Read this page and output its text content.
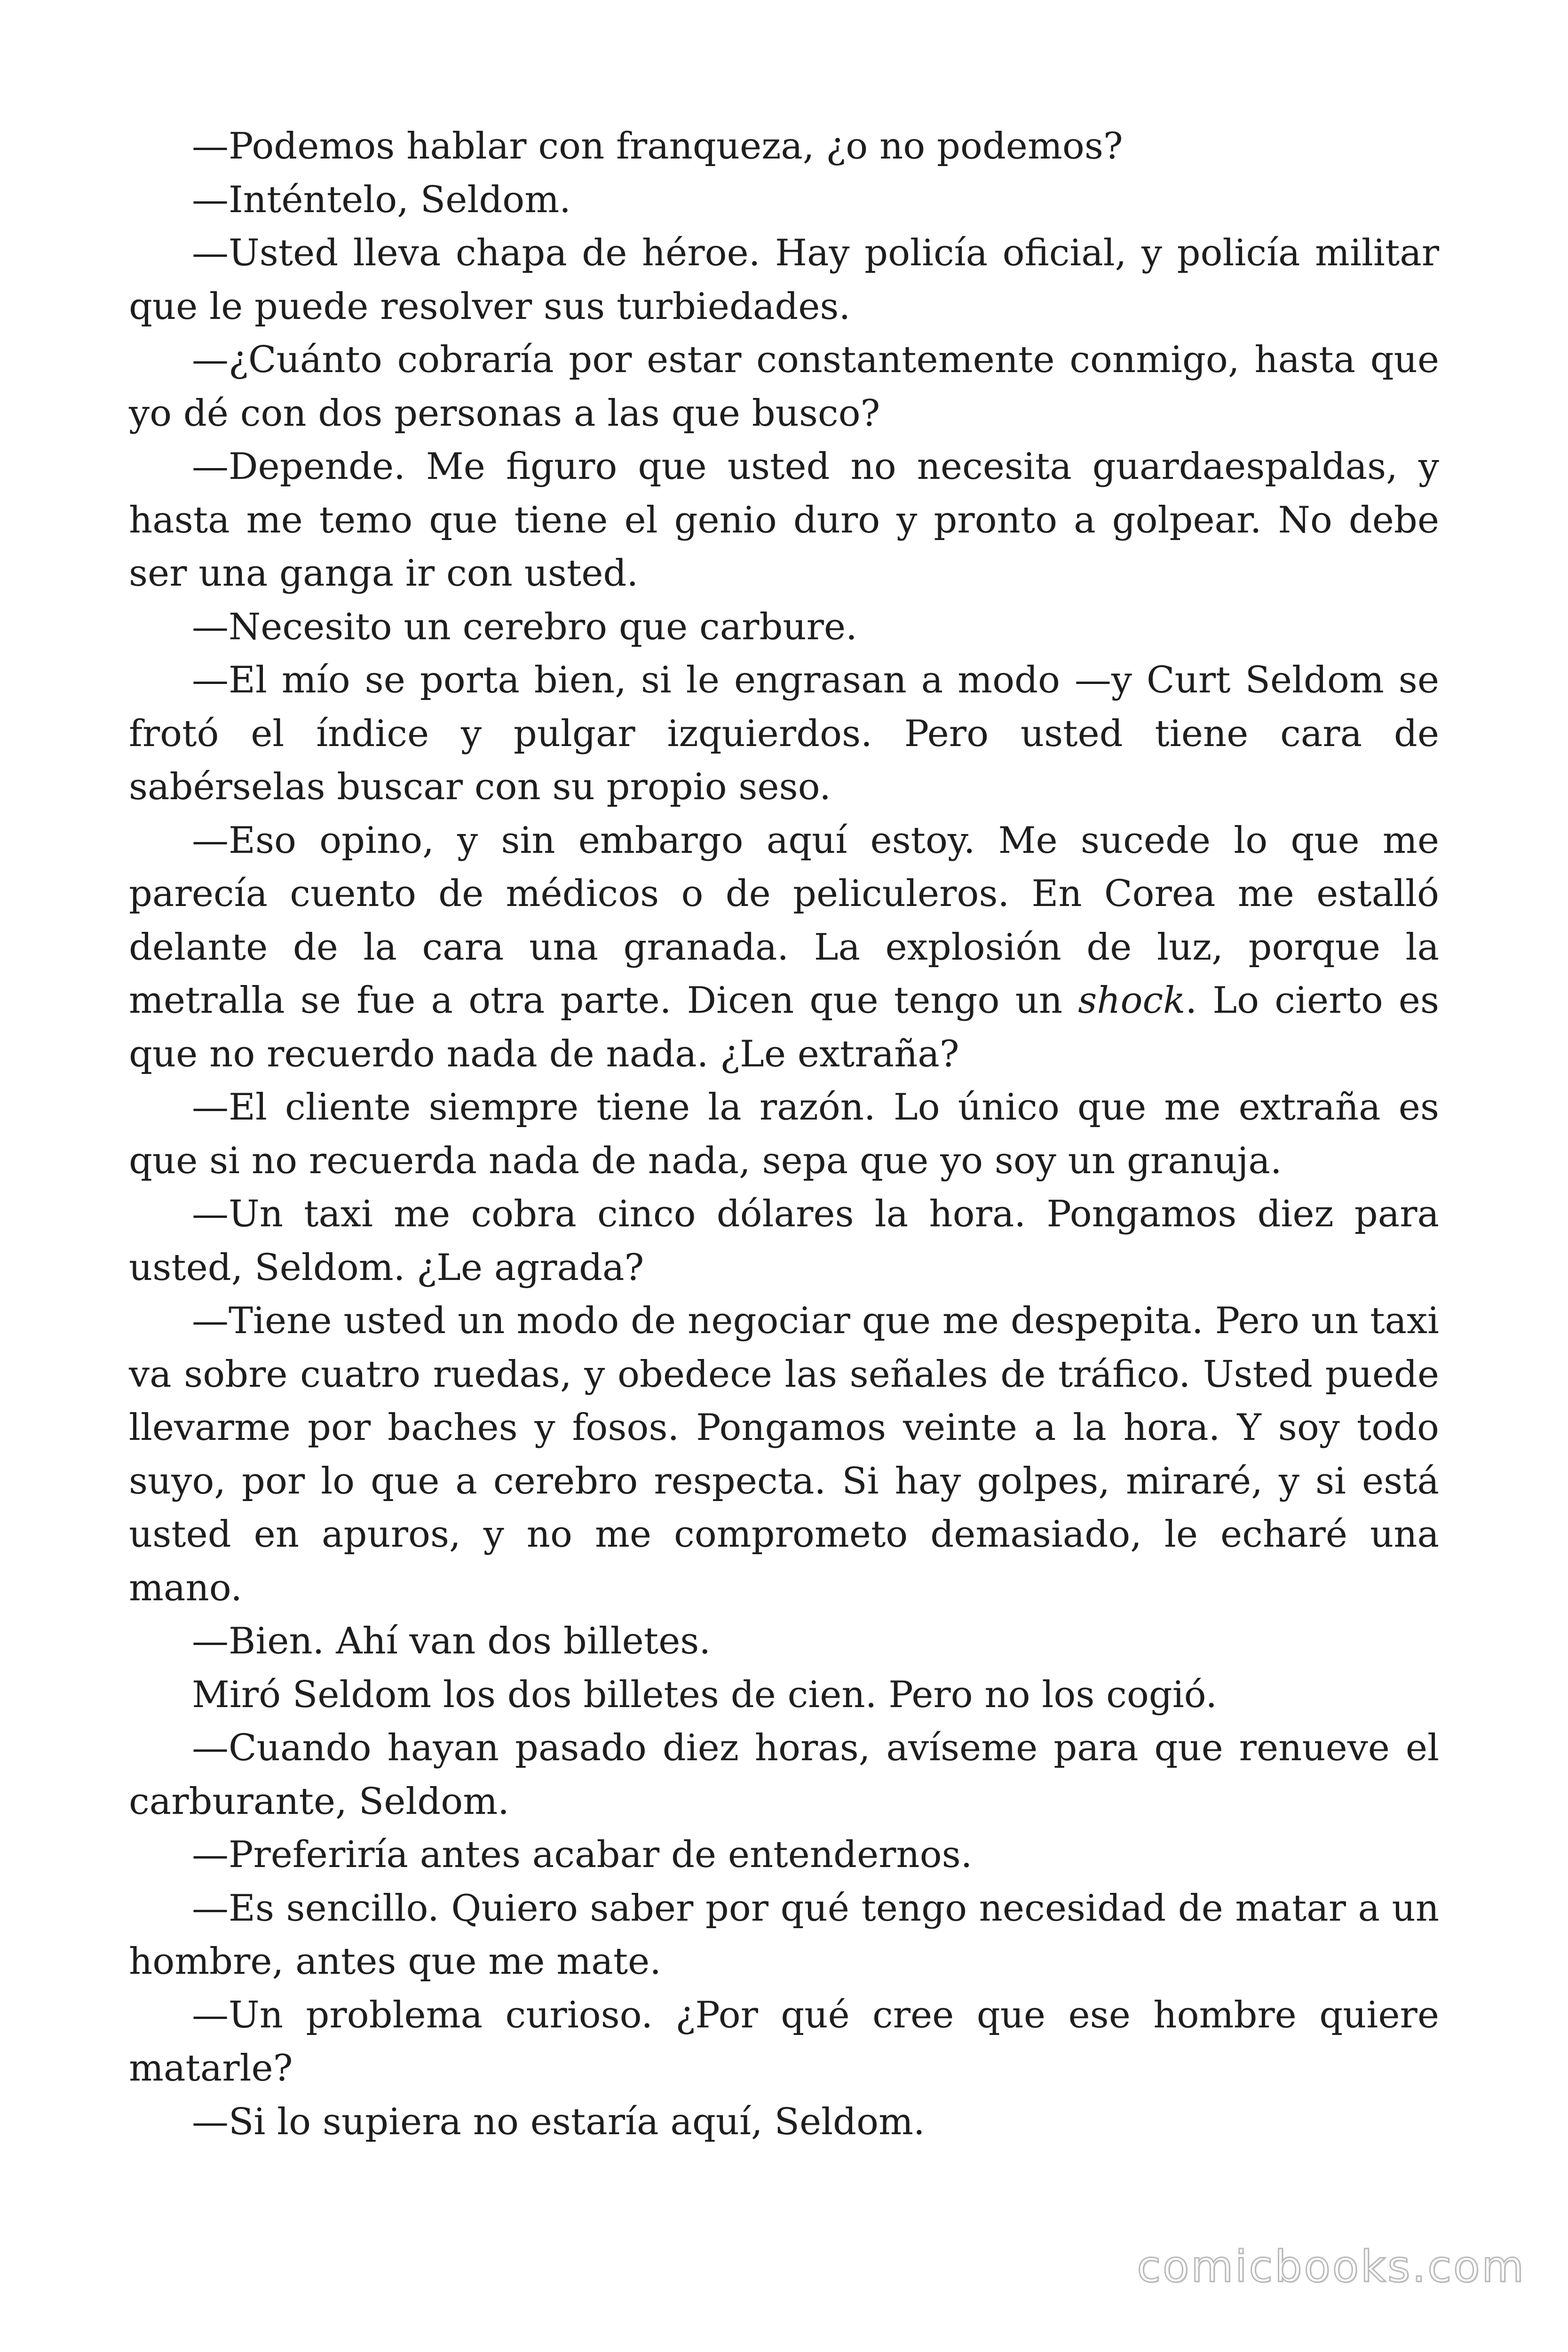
—Podemos hablar con franqueza, ¿o no podemos?

—Inténtelo, Seldom.

—Usted lleva chapa de héroe. Hay policía oficial, y policía militar que le puede resolver sus turbiedades.

—¿Cuánto cobraría por estar constantemente conmigo, hasta que yo dé con dos personas a las que busco?

—Depende. Me figuro que usted no necesita guardaespaldas, y hasta me temo que tiene el genio duro y pronto a golpear. No debe ser una ganga ir con usted.

—Necesito un cerebro que carbure.

—El mío se porta bien, si le engrasan a modo —y Curt Seldom se frotó el índice y pulgar izquierdos. Pero usted tiene cara de sabérselas buscar con su propio seso.

—Eso opino, y sin embargo aquí estoy. Me sucede lo que me parecía cuento de médicos o de peliculeros. En Corea me estalló delante de la cara una granada. La explosión de luz, porque la metralla se fue a otra parte. Dicen que tengo un shock. Lo cierto es que no recuerdo nada de nada. ¿Le extraña?

—El cliente siempre tiene la razón. Lo único que me extraña es que si no recuerda nada de nada, sepa que yo soy un granuja.

—Un taxi me cobra cinco dólares la hora. Pongamos diez para usted, Seldom. ¿Le agrada?

—Tiene usted un modo de negociar que me despepita. Pero un taxi va sobre cuatro ruedas, y obedece las señales de tráfico. Usted puede llevarme por baches y fosos. Pongamos veinte a la hora. Y soy todo suyo, por lo que a cerebro respecta. Si hay golpes, miraré, y si está usted en apuros, y no me comprometo demasiado, le echaré una mano.

—Bien. Ahí van dos billetes.

Miró Seldom los dos billetes de cien. Pero no los cogió.

—Cuando hayan pasado diez horas, avíseme para que renueve el carburante, Seldom.

—Preferiría antes acabar de entendernos.

—Es sencillo. Quiero saber por qué tengo necesidad de matar a un hombre, antes que me mate.

—Un problema curioso. ¿Por qué cree que ese hombre quiere matarle?

—Si lo supiera no estaría aquí, Seldom.

comicbooks.com
